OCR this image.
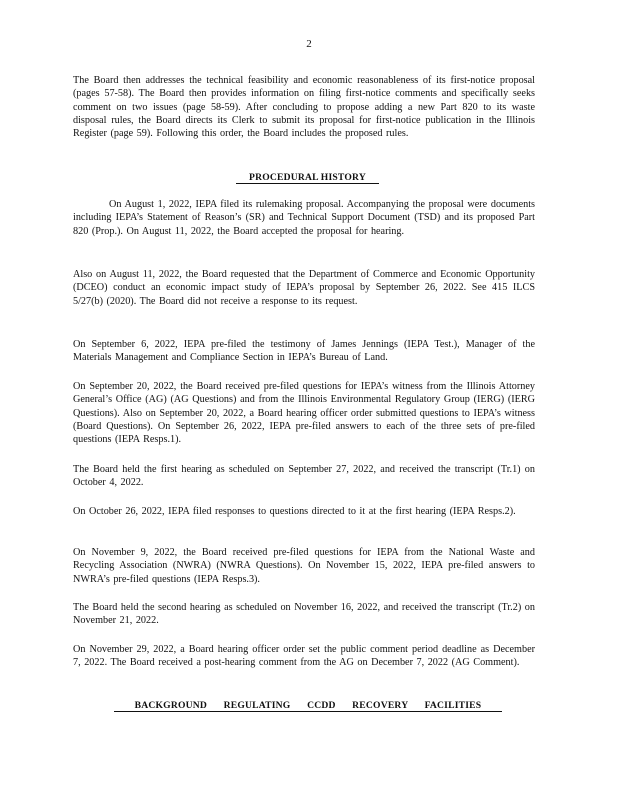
2

The Board then addresses the technical feasibility and economic reasonableness of its first-notice proposal (pages 57-58). The Board then provides information on filing first-notice comments and specifically seeks comment on two issues (page 58-59). After concluding to propose adding a new Part 820 to its waste disposal rules, the Board directs its Clerk to submit its proposal for first-notice publication in the Illinois Register (page 59). Following this order, the Board includes the proposed rules.

PROCEDURAL HISTORY

On August 1, 2022, IEPA filed its rulemaking proposal. Accompanying the proposal were documents including IEPA’s Statement of Reason’s (SR) and Technical Support Document (TSD) and its proposed Part 820 (Prop.). On August 11, 2022, the Board accepted the proposal for hearing.

Also on August 11, 2022, the Board requested that the Department of Commerce and Economic Opportunity (DCEO) conduct an economic impact study of IEPA’s proposal by September 26, 2022. See 415 ILCS 5/27(b) (2020). The Board did not receive a response to its request.

On September 6, 2022, IEPA pre-filed the testimony of James Jennings (IEPA Test.), Manager of the Materials Management and Compliance Section in IEPA’s Bureau of Land.

On September 20, 2022, the Board received pre-filed questions for IEPA’s witness from the Illinois Attorney General’s Office (AG) (AG Questions) and from the Illinois Environmental Regulatory Group (IERG) (IERG Questions). Also on September 20, 2022, a Board hearing officer order submitted questions to IEPA’s witness (Board Questions). On September 26, 2022, IEPA pre-filed answers to each of the three sets of pre-filed questions (IEPA Resps.1).

The Board held the first hearing as scheduled on September 27, 2022, and received the transcript (Tr.1) on October 4, 2022.

On October 26, 2022, IEPA filed responses to questions directed to it at the first hearing (IEPA Resps.2).

On November 9, 2022, the Board received pre-filed questions for IEPA from the National Waste and Recycling Association (NWRA) (NWRA Questions). On November 15, 2022, IEPA pre-filed answers to NWRA’s pre-filed questions (IEPA Resps.3).

The Board held the second hearing as scheduled on November 16, 2022, and received the transcript (Tr.2) on November 21, 2022.

On November 29, 2022, a Board hearing officer order set the public comment period deadline as December 7, 2022. The Board received a post-hearing comment from the AG on December 7, 2022 (AG Comment).

BACKGROUND REGULATING CCDD RECOVERY FACILITIES
